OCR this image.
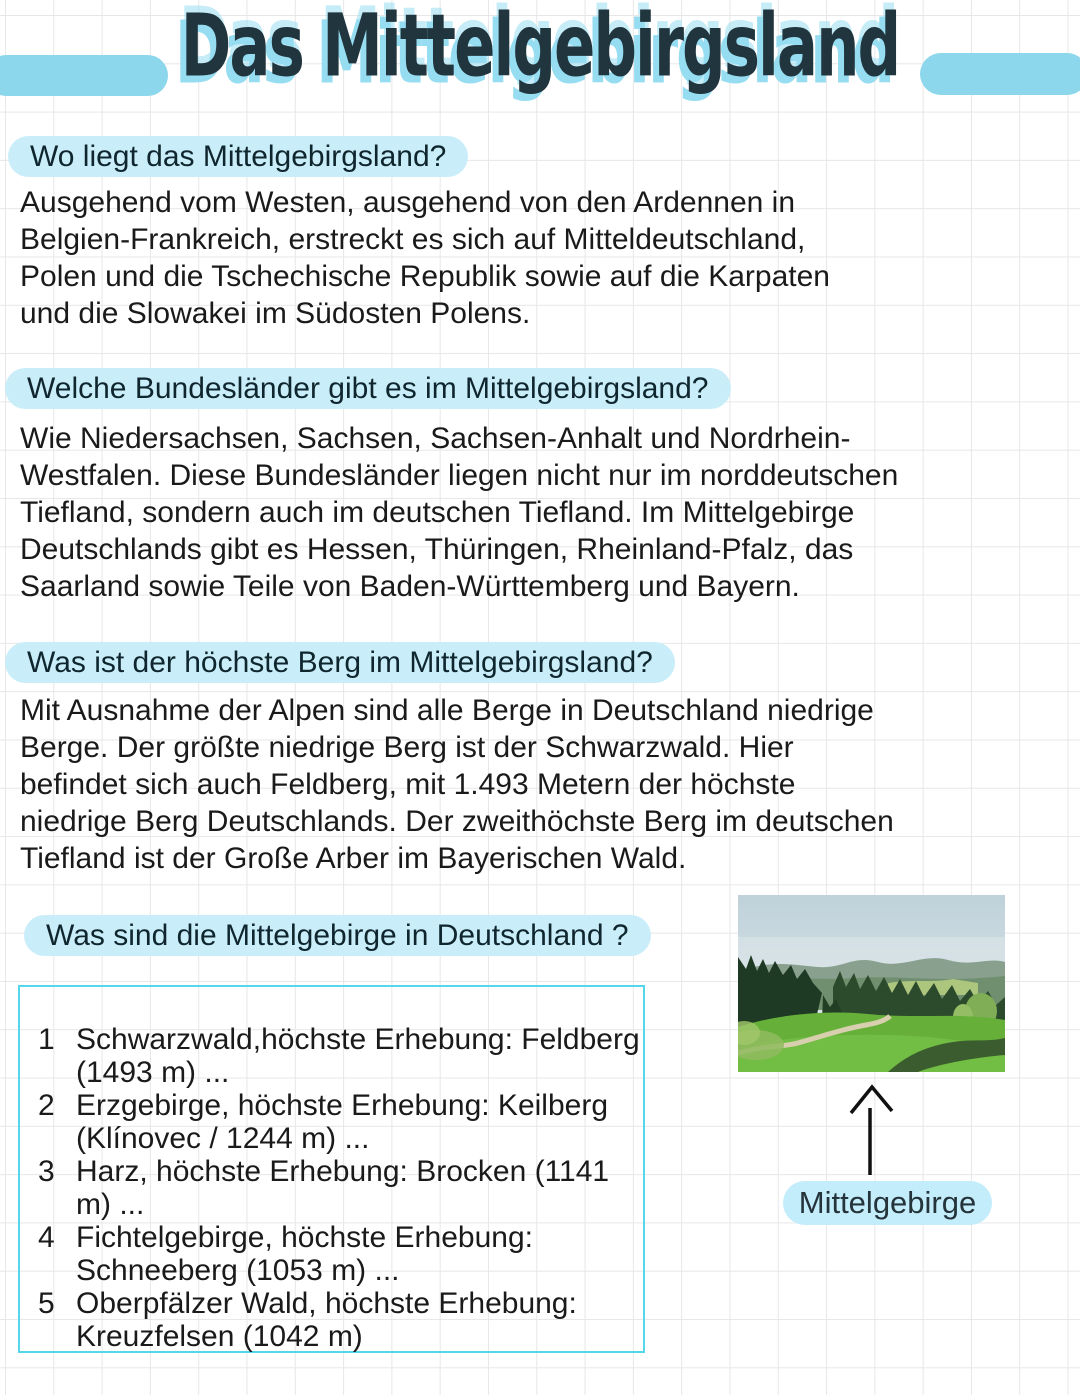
Das Mittelgebirgsland
Wo liegt das Mittelgebirgsland?
Ausgehend vom Westen, ausgehend von den Ardennen in
Belgien-Frankreich, erstreckt es sich auf Mitteldeutschland,
Polen und die Tschechische Republik sowie auf die Karpaten
und die Slowakei im Südosten Polens.
Welche Bundesländer gibt es im Mittelgebirgsland?
Wie Niedersachsen, Sachsen, Sachsen-Anhalt und Nordrhein-
Westfalen. Diese Bundesländer liegen nicht nur im norddeutschen
Tiefland, sondern auch im deutschen Tiefland. Im Mittelgebirge
Deutschlands gibt es Hessen, Thüringen, Rheinland-Pfalz, das
Saarland sowie Teile von Baden-Württemberg und Bayern.
Was ist der höchste Berg im Mittelgebirgsland?
Mit Ausnahme der Alpen sind alle Berge in Deutschland niedrige
Berge. Der größte niedrige Berg ist der Schwarzwald. Hier
befindet sich auch Feldberg, mit 1.493 Metern der höchste
niedrige Berg Deutschlands. Der zweithöchste Berg im deutschen
Tiefland ist der Große Arber im Bayerischen Wald.
Was sind die Mittelgebirge in Deutschland ?
1 Schwarzwald,höchste Erhebung: Feldberg
(1493 m) ...
2 Erzgebirge, höchste Erhebung: Keilberg
(Klínovec / 1244 m) ...
3 Harz, höchste Erhebung: Brocken (1141
m) ...
4 Fichtelgebirge, höchste Erhebung:
Schneeberg (1053 m) ...
5 Oberpfälzer Wald, höchste Erhebung:
Kreuzfelsen (1042 m)
Mittelgebirge
